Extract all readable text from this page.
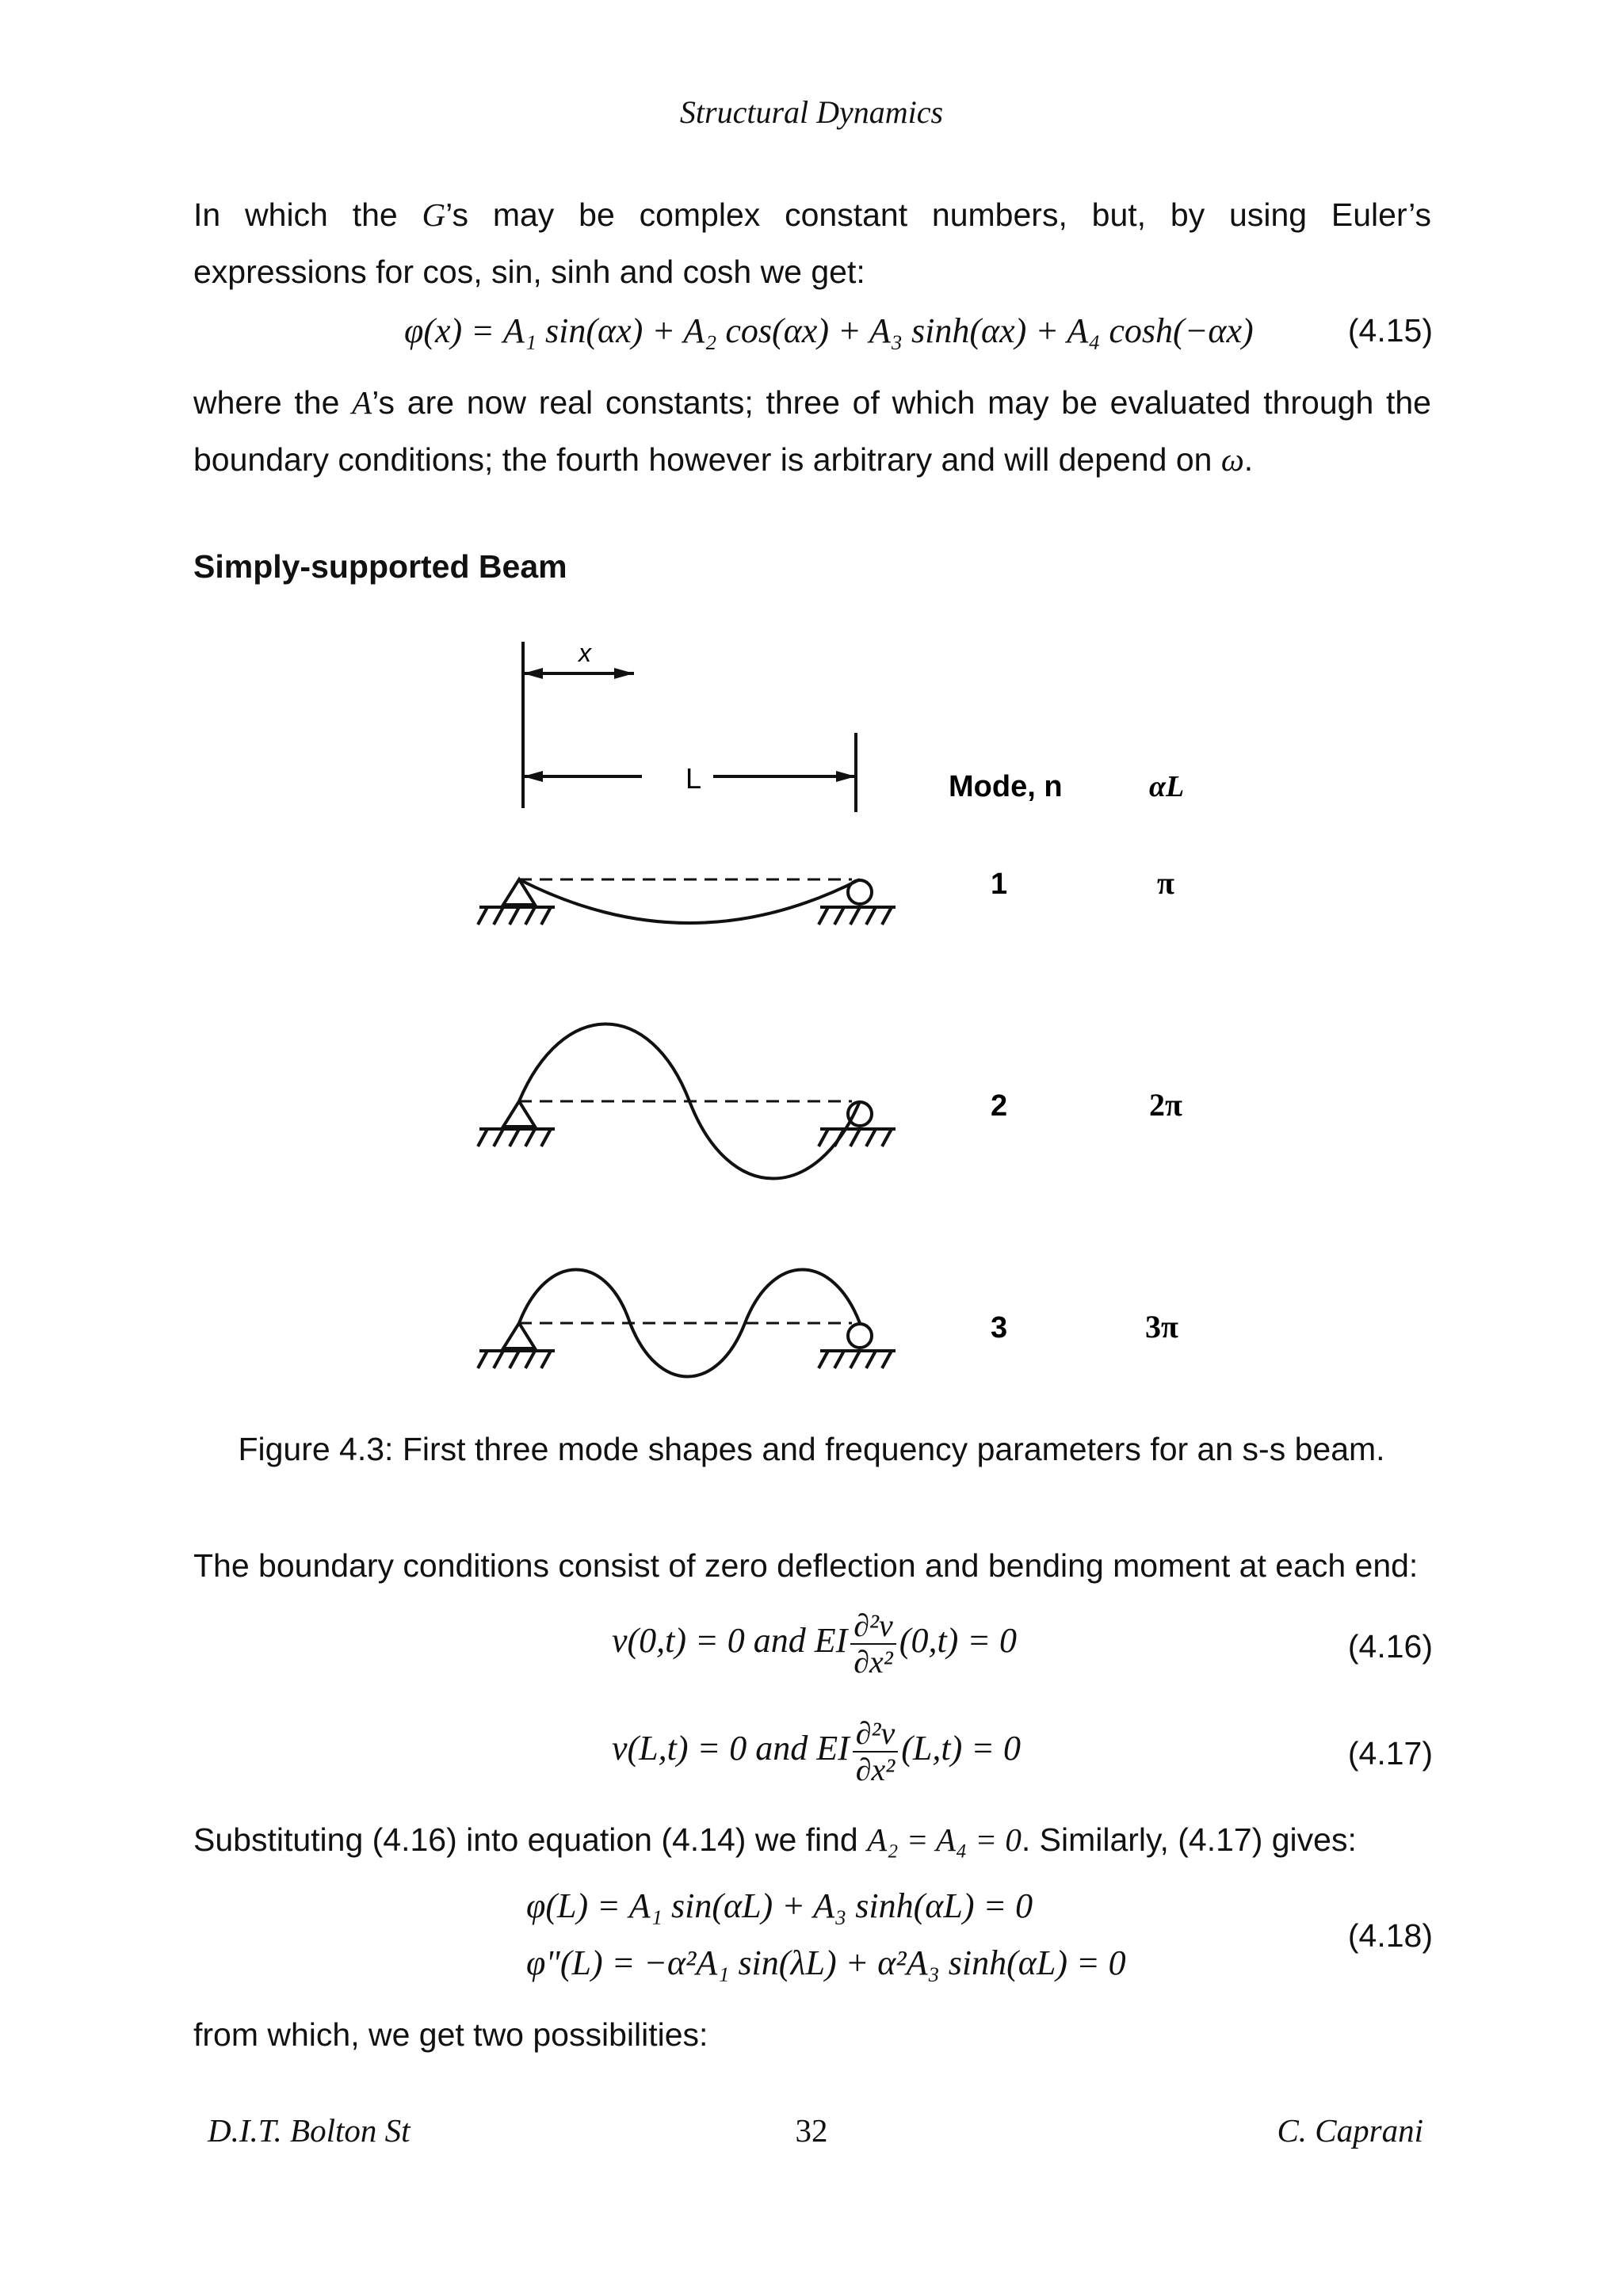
Structural Dynamics
In which the G’s may be complex constant numbers, but, by using Euler’s
expressions for cos, sin, sinh and cosh we get:
φ(x) = A₁ sin(αx) + A₂ cos(αx) + A₃ sinh(αx) + A₄ cosh(−αx)	(4.15)
where the A’s are now real constants; three of which may be evaluated through the
boundary conditions; the fourth however is arbitrary and will depend on ω.
Simply-supported Beam
x
L	Mode, n	αL
1	π
2	2π
3	3π
Figure 4.3: First three mode shapes and frequency parameters for an s-s beam.
The boundary conditions consist of zero deflection and bending moment at each end:
v(0,t) = 0 and EI $\frac{\text{∂²v}}{\text{∂x²}} (0,t) = 0$	(4.16)
v(L,t) = 0 and EI $\frac{\text{∂²v}}{\text{∂x²}} (L,t) = 0$	(4.17)
Substituting (4.16) into equation (4.14) we find A₂ = A₄ = 0. Similarly, (4.17) gives:
φ(L) = A₁ sin(αL) + A₃ sinh(αL) = 0
φ"(L) = −α²A₁ sin(λL) + α²A₃ sinh(αL) = 0
(4.18)
from which, we get two possibilities:
D.I.T. Bolton St	32	C. Caprani
